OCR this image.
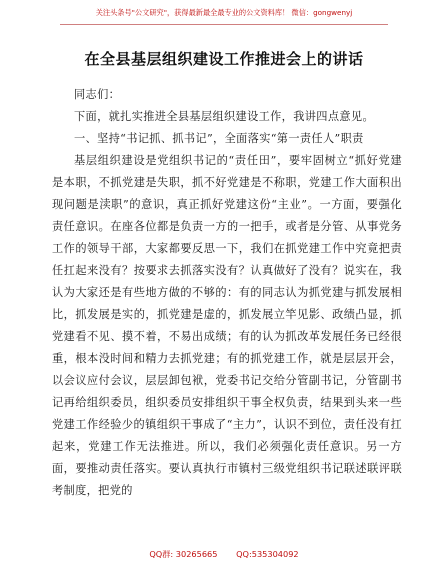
关注头条号"公文研究"，获得最新最全最专业的公文资料库！ 微信：gongwenyj
在全县基层组织建设工作推进会上的讲话

同志们：

下面，就扎实推进全县基层组织建设工作，我讲四点意见。

一、坚持“书记抓、抓书记”，全面落实“第一责任人”职责

基层组织建设是党组织书记的“责任田”，要牢固树立“抓好党建是本职，不抓党建是失职，抓不好党建是不称职，党建工作大面积出现问题是渎职”的意识，真正抓好党建这份“主业”。一方面，要强化责任意识。在座各位都是负责一方的一把手，或者是分管、从事党务工作的领导干部，大家都要反思一下，我们在抓党建工作中究竟把责任扛起来没有？按要求去抓落实没有？认真做好了没有？说实在，我认为大家还是有些地方做的不够的：有的同志认为抓党建与抓发展相比，抓发展是实的，抓党建是虚的，抓发展立竿见影、政绩凸显，抓党建看不见、摸不着，不易出成绩；有的认为抓改革发展任务已经很重，根本没时间和精力去抓党建；有的抓党建工作，就是层层开会，以会议应付会议，层层卸包袱，党委书记交给分管副书记，分管副书记再给组织委员，组织委员安排组织干事全权负责，结果到头来一些党建工作经验少的镇组织干事成了“主力”，认识不到位，责任没有扛起来，党建工作无法推进。所以，我们必须强化责任意识。另一方面，要推动责任落实。要认真执行市镇村三级党组织书记联述联评联考制度，把党的

QQ群: 30265665 QQ:535304092
